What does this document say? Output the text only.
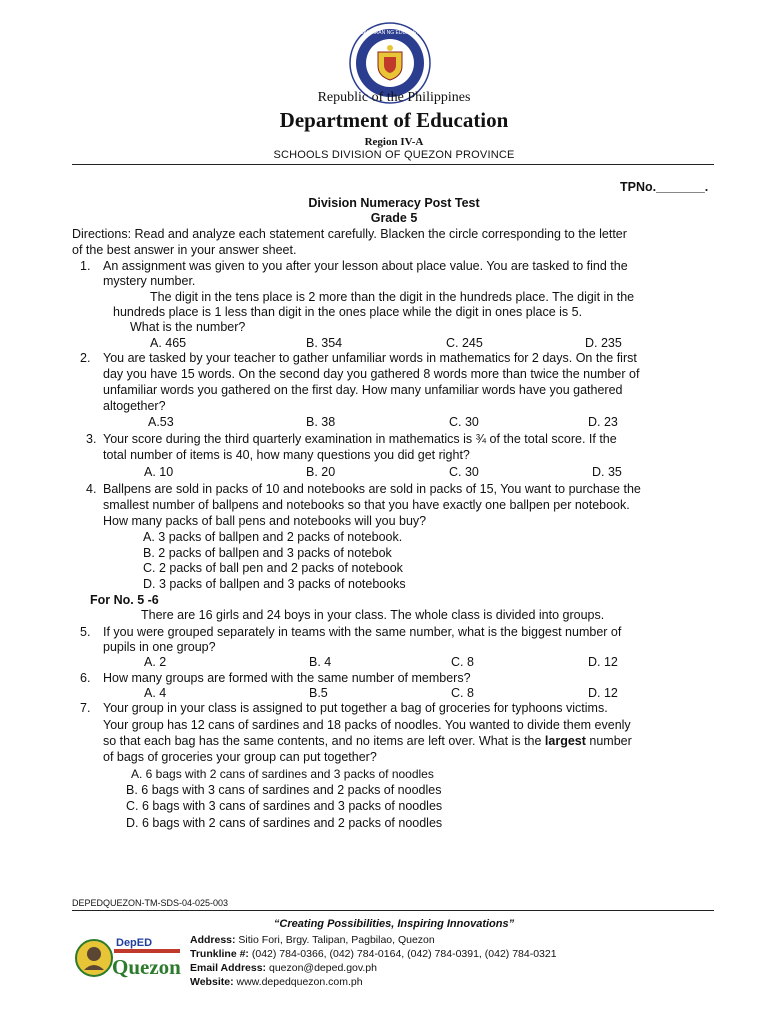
KAGAWARAN NG EDUKASYON
Republic of the Philippines
Department of Education
Region IV-A
SCHOOLS DIVISION OF QUEZON PROVINCE
TPNo._______.
Division Numeracy Post Test
Grade 5
Directions: Read and analyze each statement carefully. Blacken the circle corresponding to the letter
of the best answer in your answer sheet.
1. An assignment was given to you after your lesson about place value. You are tasked to find the
mystery number.
The digit in the tens place is 2 more than the digit in the hundreds place. The digit in the
hundreds place is 1 less than digit in the ones place while the digit in ones place is 5.
What is the number?
A. 465	B. 354	C. 245	D. 235
2. You are tasked by your teacher to gather unfamiliar words in mathematics for 2 days. On the first
day you have 15 words. On the second day you gathered 8 words more than twice the number of
unfamiliar words you gathered on the first day. How many unfamiliar words have you gathered
altogether?
A.53	B. 38	C. 30	D. 23
3. Your score during the third quarterly examination in mathematics is ¾ of the total score. If the
total number of items is 40, how many questions you did get right?
A. 10	B. 20	C. 30	D. 35
4. Ballpens are sold in packs of 10 and notebooks are sold in packs of 15, You want to purchase the
smallest number of ballpens and notebooks so that you have exactly one ballpen per notebook.
How many packs of ball pens and notebooks will you buy?
A. 3 packs of ballpen and 2 packs of notebook.
B. 2 packs of ballpen and 3 packs of notebok
C. 2 packs of ball pen and 2 packs of notebook
D. 3 packs of ballpen and 3 packs of notebooks
For No. 5 -6
There are 16 girls and 24 boys in your class. The whole class is divided into groups.
5. If you were grouped separately in teams with the same number, what is the biggest number of
pupils in one group?
A. 2	B. 4	C. 8	D. 12
6. How many groups are formed with the same number of members?
A. 4	B.5	C. 8	D. 12
7. Your group in your class is assigned to put together a bag of groceries for typhoons victims.
Your group has 12 cans of sardines and 18 packs of noodles. You wanted to divide them evenly
so that each bag has the same contents, and no items are left over. What is the largest number
of bags of groceries your group can put together?
A. 6 bags with 2 cans of sardines and 3 packs of noodles
B. 6 bags with 3 cans of sardines and 2 packs of noodles
C. 6 bags with 3 cans of sardines and 3 packs of noodles
D. 6 bags with 2 cans of sardines and 2 packs of noodles
DEPEDQUEZON-TM-SDS-04-025-003
“Creating Possibilities, Inspiring Innovations”
DepED
Quezon
Address: Sitio Fori, Brgy. Talipan, Pagbilao, Quezon
Trunkline #: (042) 784-0366, (042) 784-0164, (042) 784-0391, (042) 784-0321
Email Address: quezon@deped.gov.ph
Website: www.depedquezon.com.ph
